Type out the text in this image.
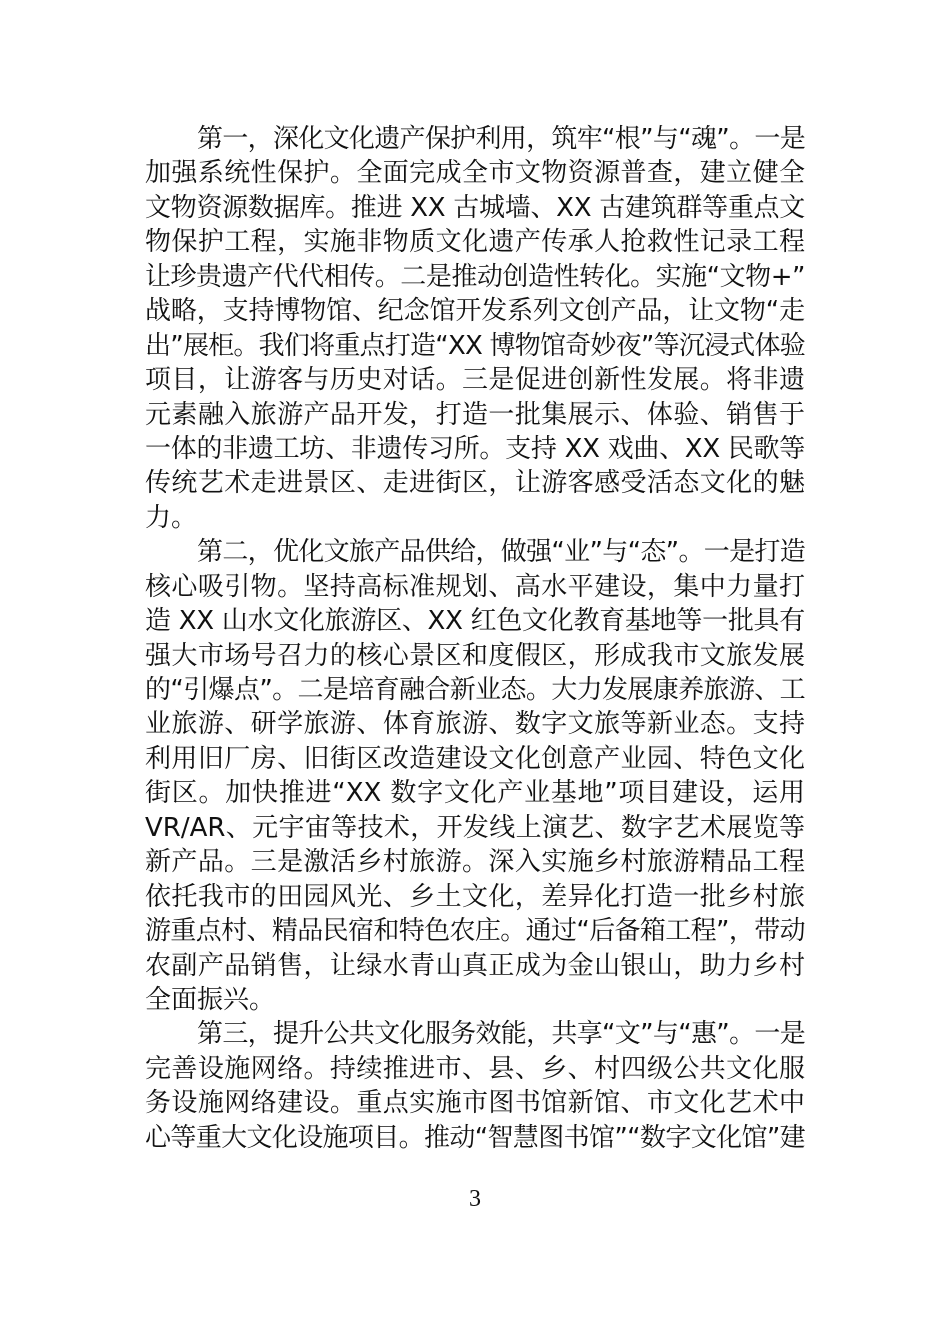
第一，深化文化遗产保护利用，筑牢“根”与“魂”。一是
加强系统性保护。全面完成全市文物资源普查，建立健全
文物资源数据库。推进 XX 古城墙、XX 古建筑群等重点文
物保护工程，实施非物质文化遗产传承人抢救性记录工程
让珍贵遗产代代相传。二是推动创造性转化。实施“文物+”
战略，支持博物馆、纪念馆开发系列文创产品，让文物“走
出”展柜。我们将重点打造“XX 博物馆奇妙夜”等沉浸式体验
项目，让游客与历史对话。三是促进创新性发展。将非遗
元素融入旅游产品开发，打造一批集展示、体验、销售于
一体的非遗工坊、非遗传习所。支持 XX 戏曲、XX 民歌等
传统艺术走进景区、走进街区，让游客感受活态文化的魅
力。
第二，优化文旅产品供给，做强“业”与“态”。一是打造
核心吸引物。坚持高标准规划、高水平建设，集中力量打
造 XX 山水文化旅游区、XX 红色文化教育基地等一批具有
强大市场号召力的核心景区和度假区，形成我市文旅发展
的“引爆点”。二是培育融合新业态。大力发展康养旅游、工
业旅游、研学旅游、体育旅游、数字文旅等新业态。支持
利用旧厂房、旧街区改造建设文化创意产业园、特色文化
街区。加快推进“XX 数字文化产业基地”项目建设，运用
VR/AR、元宇宙等技术，开发线上演艺、数字艺术展览等
新产品。三是激活乡村旅游。深入实施乡村旅游精品工程
依托我市的田园风光、乡土文化，差异化打造一批乡村旅
游重点村、精品民宿和特色农庄。通过“后备箱工程”，带动
农副产品销售，让绿水青山真正成为金山银山，助力乡村
全面振兴。
第三，提升公共文化服务效能，共享“文”与“惠”。一是
完善设施网络。持续推进市、县、乡、村四级公共文化服
务设施网络建设。重点实施市图书馆新馆、市文化艺术中
心等重大文化设施项目。推动“智慧图书馆”“数字文化馆”建
3
